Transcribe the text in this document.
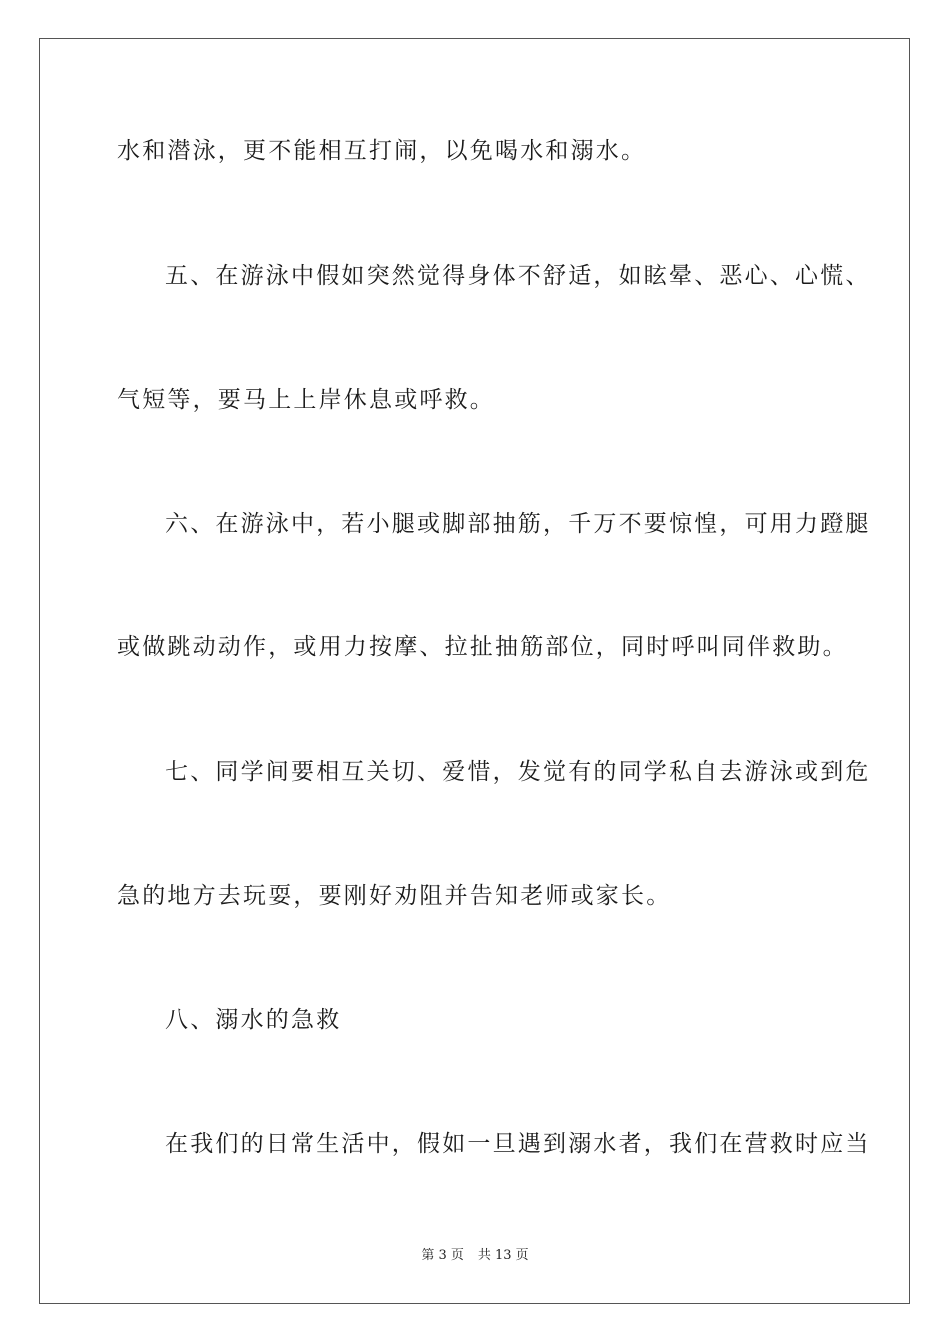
水和潜泳，更不能相互打闹，以免喝水和溺水。
五、在游泳中假如突然觉得身体不舒适，如眩晕、恶心、心慌、
气短等，要马上上岸休息或呼救。
六、在游泳中，若小腿或脚部抽筋，千万不要惊惶，可用力蹬腿
或做跳动动作，或用力按摩、拉扯抽筋部位，同时呼叫同伴救助。
七、同学间要相互关切、爱惜，发觉有的同学私自去游泳或到危
急的地方去玩耍，要刚好劝阻并告知老师或家长。
八、溺水的急救
在我们的日常生活中，假如一旦遇到溺水者，我们在营救时应当
第 3 页 共 13 页
